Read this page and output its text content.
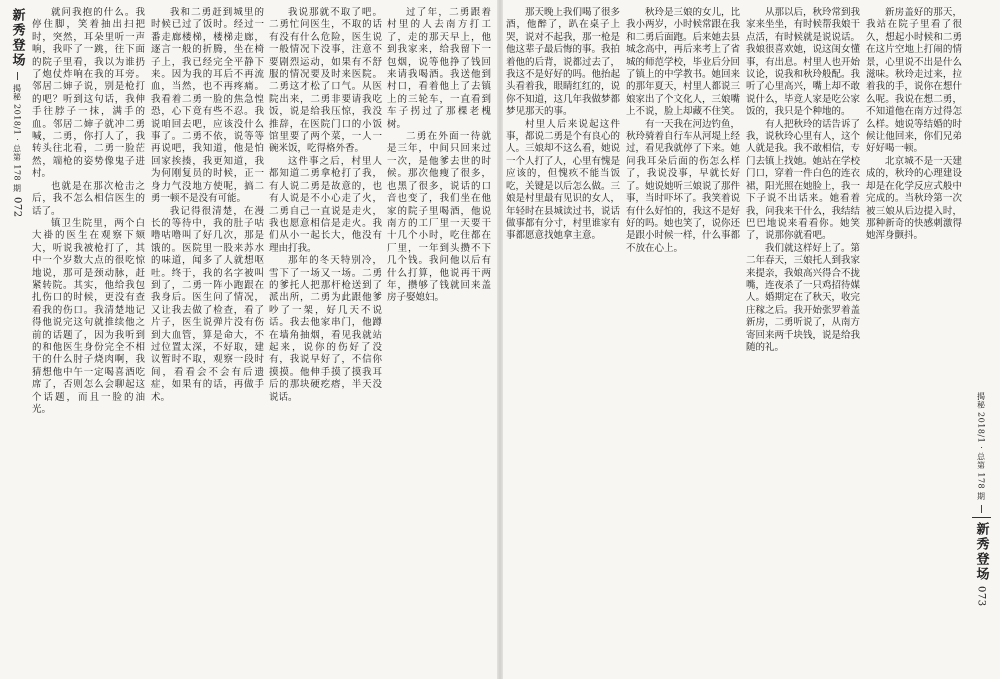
新秀登场
揭秘 2018/1 · 总第 178 期
072
揭秘 2018/1 · 总第 178 期
新秀登场
073

就问我抱的什么。我停住脚，笑着抽出扫把时，突然，耳朵里听一声响，我吓了一跳，往下面的院子里看，我以为谁扔了炮仗炸响在我的耳旁。邻居二婶子说，别是枪打的吧？听到这句话，我伸手往脖子一抹，满手的血。邻居二婶子就冲二勇喊，二勇，你打人了，我转头往北看，二勇一脸茫然，端枪的姿势像鬼子进村。

也就是在那次枪击之后，我不怎么相信医生的话了。

镇卫生院里，两个白大褂的医生在观察下颏大，听说我被枪打了，其中一个岁数大点的很吃惊地说，那可是颈动脉，赶紧转院。其实，他给我包扎伤口的时候，更没有查看我的伤口。我清楚地记得他说完这句就推续他之前的话题了，因为我听到的和他医生身份完全不相干的什么肘子烧肉啊，我猜想他中午一定喝喜酒吃席了，否则怎么会聊起这个话题，而且一脸的油光。

我和二勇赶到城里的时候已过了饭时。经过一番走廊楼梯，楼梯走廊，逐言一般的折腾，坐在椅子上，我已经完全平静下来。因为我的耳后不再流血，当然，也不再疼痛。我看着二勇一脸的焦急惶恐，心下竟有些不忍。我说咱回去吧，应该没什么事了。二勇不依，说等等再说吧，我知道，他是怕回家挨揍，我更知道，我为何刚复员的时候，正一身力气没地方使呢，搞二勇一顿不是没有可能。

我记得很清楚，在漫长的等待中，我的肚子咕噜咕噜叫了好几次，那是饿的。医院里一股来苏水的味道，闻多了人就想呕吐。终于，我的名字被叫到了，二勇一阵小跑跟在我身后。医生问了情况，又让我去做了检查，看了片子，医生说弹片没有伤到大血管，算是命大，不过位置太深，不好取，建议暂时不取，观察一段时间，看看会不会有后遗症，如果有的话，再做手术。

我说那就不取了吧。二勇忙问医生，不取的话有没有什么危险，医生说一般情况下没事，注意不要剧烈运动，如果有不舒服的情况要及时来医院。二勇这才松了口气。从医院出来，二勇非要请我吃饭，说是给我压惊，我没推辞，在医院门口的小饭馆里要了两个菜，一人一碗米饭，吃得格外香。

这件事之后，村里人都知道二勇拿枪打了我，有人说二勇是故意的，也有人说是不小心走了火，二勇自己一直说是走火，我也愿意相信是走火。我们从小一起长大，他没有理由打我。

那年的冬天特别冷，雪下了一场又一场。二勇的爹托人把那杆枪送到了派出所，二勇为此跟他爹吵了一架，好几天不说话。我去他家串门，他蹲在墙角抽烟，看见我就站起来，说你的伤好了没有，我说早好了，不信你摸摸。他伸手摸了摸我耳后的那块硬疙瘩，半天没说话。

过了年，二勇跟着村里的人去南方打工了，走的那天早上，他到我家来，给我留下一包烟，说等他挣了钱回来请我喝酒。我送他到村口，看着他上了去镇上的三轮车，一直看到车子拐过了那棵老槐树。

二勇在外面一待就是三年，中间只回来过一次，是他爹去世的时候。那次他瘦了很多，也黑了很多，说话的口音也变了，我们坐在他家的院子里喝酒，他说南方的工厂里一天要干十几个小时，吃住都在厂里，一年到头攒不下几个钱。我问他以后有什么打算，他说再干两年，攒够了钱就回来盖房子娶媳妇。

那天晚上我们喝了很多酒，他醉了，趴在桌子上哭，说对不起我，那一枪是他这辈子最后悔的事。我拍着他的后背，说都过去了，我这不是好好的吗。他抬起头看着我，眼睛红红的，说你不知道，这几年我做梦都梦见那天的事。

村里人后来说起这件事，都说二勇是个有良心的人。三娘却不这么看，她说一个人打了人，心里有愧是应该的，但愧疚不能当饭吃，关键是以后怎么做。三娘是村里最有见识的女人，年轻时在县城读过书，说话做事都有分寸，村里谁家有事都愿意找她拿主意。

秋玲是三娘的女儿，比我小两岁，小时候常跟在我和二勇后面跑。后来她去县城念高中，再后来考上了省城的师范学校，毕业后分回了镇上的中学教书。她回来的那年夏天，村里人都说三娘家出了个文化人，三娘嘴上不说，脸上却藏不住笑。

有一天我在河边钓鱼，秋玲骑着自行车从河堤上经过，看见我就停了下来。她问我耳朵后面的伤怎么样了，我说没事，早就长好了。她说她听三娘说了那件事，当时吓坏了。我笑着说有什么好怕的，我这不是好好的吗。她也笑了，说你还是跟小时候一样，什么事都不放在心上。

从那以后，秋玲常到我家来坐坐，有时候帮我娘干点活，有时候就是说说话。我娘很喜欢她，说这闺女懂事，有出息。村里人也开始议论，说我和秋玲般配。我听了心里高兴，嘴上却不敢说什么，毕竟人家是吃公家饭的，我只是个种地的。

有人把秋玲的话告诉了我，说秋玲心里有人，这个人就是我。我不敢相信，专门去镇上找她。她站在学校门口，穿着一件白色的连衣裙，阳光照在她脸上，我一下子说不出话来。她看着我，问我来干什么，我结结巴巴地说来看看你。她笑了，说那你就看吧。

我们就这样好上了。第二年春天，三娘托人到我家来提亲，我娘高兴得合不拢嘴，连夜杀了一只鸡招待媒人。婚期定在了秋天，收完庄稼之后。我开始张罗着盖新房，二勇听说了，从南方寄回来两千块钱，说是给我随的礼。

新房盖好的那天，我站在院子里看了很久，想起小时候和二勇在这片空地上打闹的情景，心里说不出是什么滋味。秋玲走过来，拉着我的手，说你在想什么呢。我说在想二勇，不知道他在南方过得怎么样。她说等结婚的时候让他回来，你们兄弟好好喝一顿。

北京城不是一天建成的，秋玲的心理建设却是在化学反应式般中完成的。当秋玲第一次被三娘从后边提入时，那种新奇的快感刺激得她浑身颤抖。
